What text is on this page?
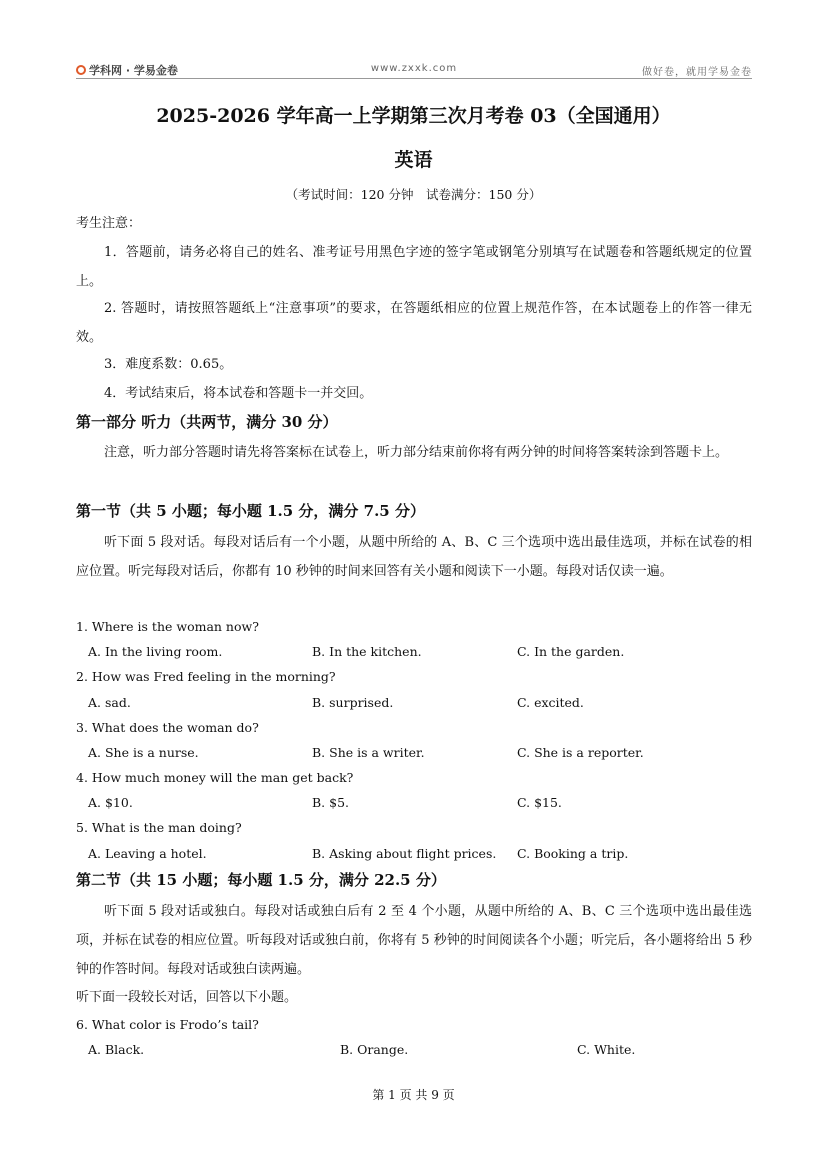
学科网 · 学易金卷	www.zxxk.com	做好卷，就用学易金卷
2025-2026 学年高一上学期第三次月考卷 03（全国通用）
英语
（考试时间：120 分钟　试卷满分：150 分）
考生注意：
1．答题前，请务必将自己的姓名、准考证号用黑色字迹的签字笔或钢笔分别填写在试题卷和答题纸规定的位置上。
2. 答题时，请按照答题纸上“注意事项”的要求，在答题纸相应的位置上规范作答，在本试题卷上的作答一律无效。
3．难度系数：0.65。
4．考试结束后，将本试卷和答题卡一并交回。
第一部分 听力（共两节，满分 30 分）
注意，听力部分答题时请先将答案标在试卷上，听力部分结束前你将有两分钟的时间将答案转涂到答题卡上。
第一节（共 5 小题；每小题 1.5 分，满分 7.5 分）
听下面 5 段对话。每段对话后有一个小题，从题中所给的 A、B、C 三个选项中选出最佳选项，并标在试卷的相应位置。听完每段对话后，你都有 10 秒钟的时间来回答有关小题和阅读下一小题。每段对话仅读一遍。
1. Where is the woman now?
A. In the living room.	B. In the kitchen.	C. In the garden.
2. How was Fred feeling in the morning?
A. sad.	B. surprised.	C. excited.
3. What does the woman do?
A. She is a nurse.	B. She is a writer.	C. She is a reporter.
4. How much money will the man get back?
A. $10.	B. $5.	C. $15.
5. What is the man doing?
A. Leaving a hotel.	B. Asking about flight prices. C. Booking a trip.
第二节（共 15 小题；每小题 1.5 分，满分 22.5 分）
听下面 5 段对话或独白。每段对话或独白后有 2 至 4 个小题，从题中所给的 A、B、C 三个选项中选出最佳选项，并标在试卷的相应位置。听每段对话或独白前，你将有 5 秒钟的时间阅读各个小题；听完后，各小题将给出 5 秒钟的作答时间。每段对话或独白读两遍。
听下面一段较长对话，回答以下小题。
6. What color is Frodo’s tail?
A. Black.	B. Orange.	C. White.
第 1 页 共 9 页
